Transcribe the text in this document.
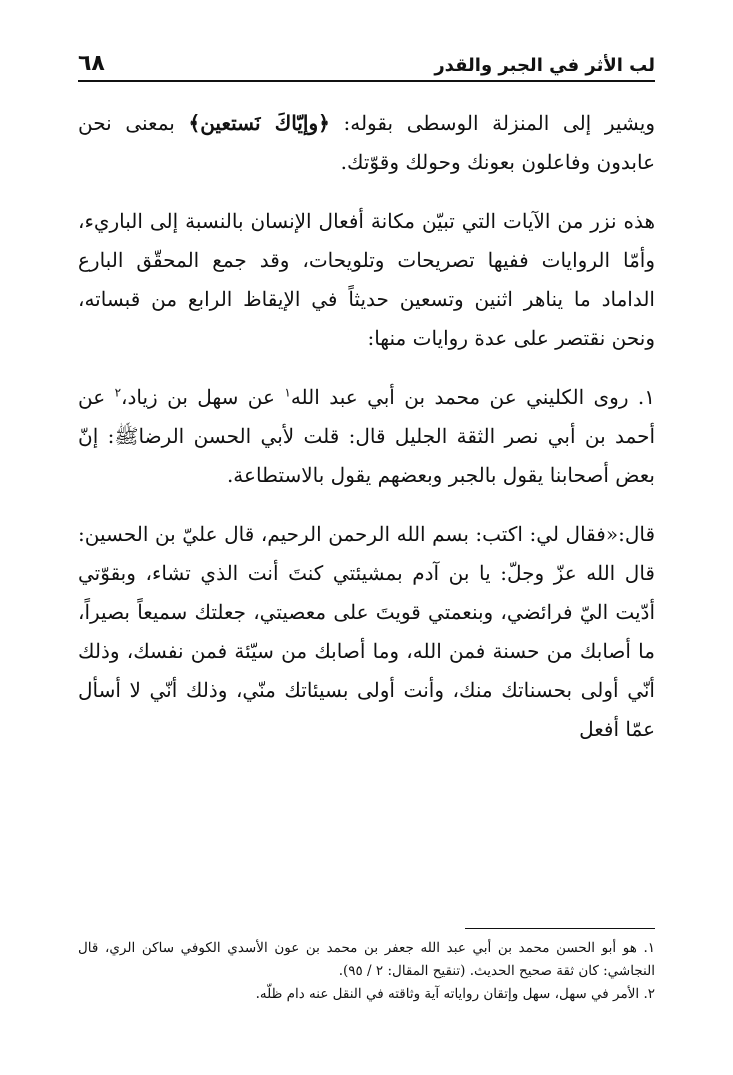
لب الأثر في الجبر والقدر
٦٨

ويشير إلى المنزلة الوسطى بقوله: ﴿وإيّاكَ نَستعين﴾ بمعنى نحن عابدون وفاعلون بعونك وحولك وقوّتك.

هذه نزر من الآيات التي تبيّن مكانة أفعال الإنسان بالنسبة إلى الباريء، وأمّا الروايات ففيها تصريحات وتلويحات، وقد جمع المحقّق البارع الداماد ما يناهر اثنين وتسعين حديثاً في الإيقاظ الرابع من قبساته، ونحن نقتصر على عدة روايات منها:

١. روى الكليني عن محمد بن أبي عبد الله$^١$ عن سهل بن زياد،$^٢$ عن أحمد بن أبي نصر الثقة الجليل قال: قلت لأبي الحسن الرضاﷺ: إنّ بعض أصحابنا يقول بالجبر وبعضهم يقول بالاستطاعة.

قال:«فقال لي: اكتب: بسم الله الرحمن الرحيم، قال عليّ بن الحسين: قال الله عزّ وجلّ: يا بن آدم بمشيئتي كنتَ أنت الذي تشاء، وبقوّتي أدّيت اليّ فرائضي، وبنعمتي قويتَ على معصيتي، جعلتك سميعاً بصيراً، ما أصابك من حسنة فمن الله، وما أصابك من سيّئة فمن نفسك، وذلك أنّي أولى بحسناتك منك، وأنت أولى بسيئاتك منّي، وذلك أنّي لا أسأل عمّا أفعل

١. هو أبو الحسن محمد بن أبي عبد الله جعفر بن محمد بن عون الأسدي الكوفي ساكن الري، قال النجاشي: كان ثقة صحيح الحديث. (تنقيح المقال: ٢ / ٩٥).

٢. الأمر في سهل، سهل وإتقان رواياته آية وثاقته في النقل عنه دام ظلّه.
